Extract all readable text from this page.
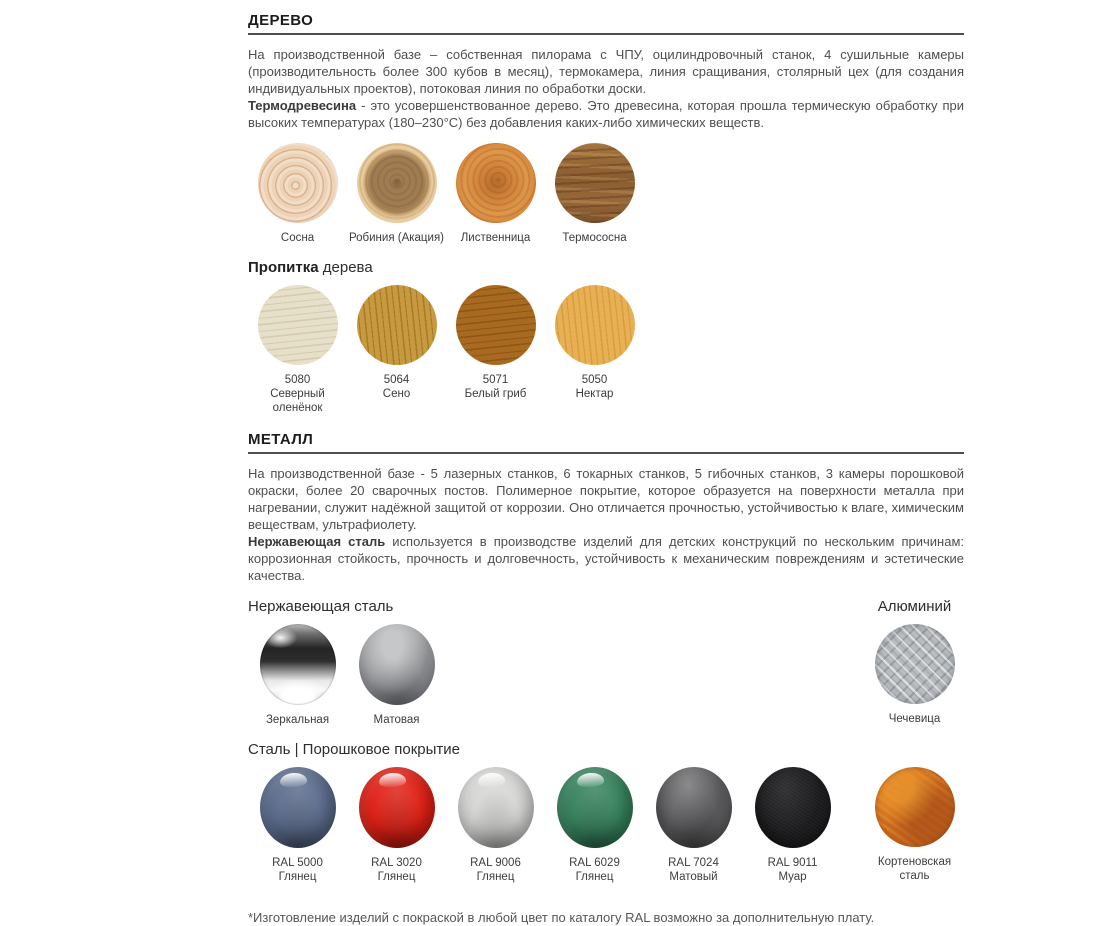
ДЕРЕВО

На производственной базе – собственная пилорама с ЧПУ, оцилиндровочный станок, 4 сушильные камеры (производительность более 300 кубов в месяц), термокамера, линия сращивания, столярный цех (для создания индивидуальных проектов), потоковая линия по обработки доски.

Термодревесина - это усовершенствованное дерево. Это древесина, которая прошла термическую обработку при высоких температурах (180–230°C) без добавления каких-либо химических веществ.

Сосна	Робиния (Акация) Лиственница	Термососна
Пропитка дерева
5080
Северный оленёнок
5064
Сено
5071
Белый гриб
5050
Нектар
МЕТАЛЛ

На производственной базе - 5 лазерных станков, 6 токарных станков, 5 гибочных станков, 3 камеры порошковой окраски, более 20 сварочных постов. Полимерное покрытие, которое образуется на поверхности металла при нагревании, служит надёжной защитой от коррозии. Оно отличается прочностью, устойчивостью к влаге, химическим веществам, ультрафиолету.

Нержавеющая сталь используется в производстве изделий для детских конструкций по нескольким причинам: коррозионная стойкость, прочность и долговечность, устойчивость к механическим повреждениям и эстетические качества.

Нержавеющая сталь	Алюминий
Зеркальная	Матовая	Чечевица
Сталь | Порошковое покрытие
RAL 5000
Глянец
RAL 3020
Глянец
RAL 9006
Глянец
RAL 6029
Глянец
RAL 7024
Матовый
RAL 9011
Муар
Кортеновская сталь

*Изготовление изделий с покраской в любой цвет по каталогу RAL возможно за дополнительную плату.
